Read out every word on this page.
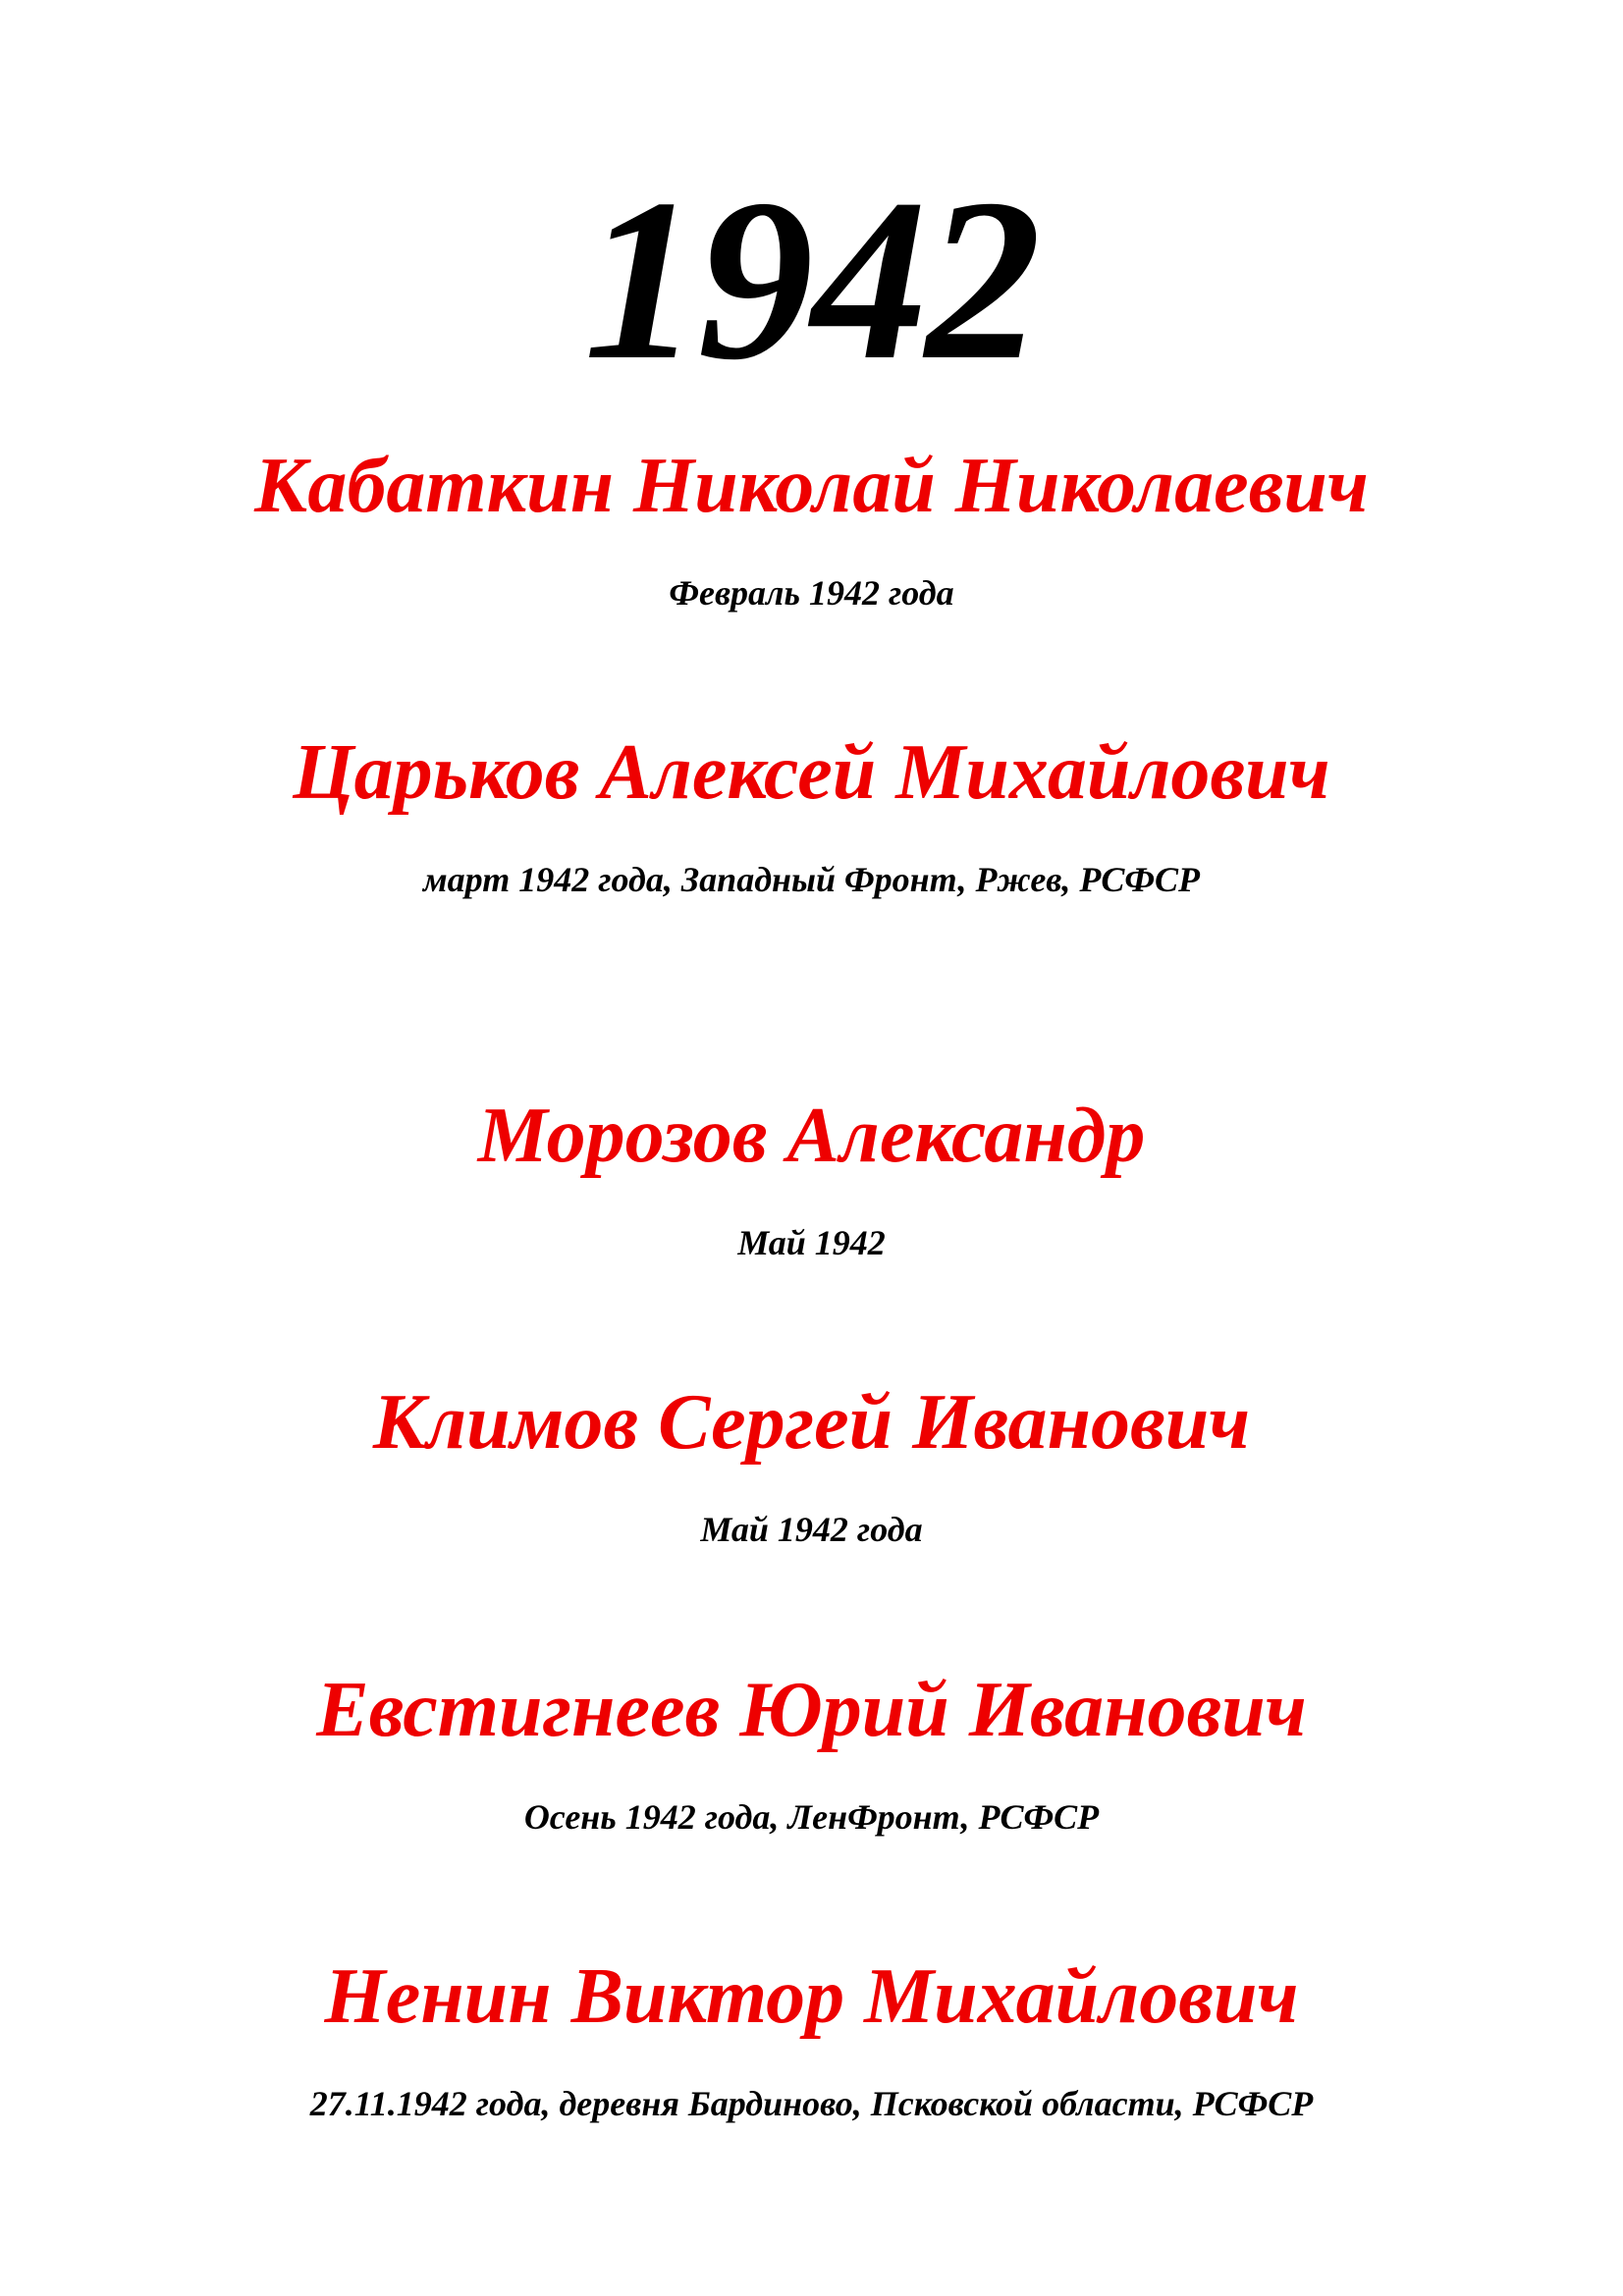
1942
Кабаткин Николай Николаевич
Февраль 1942 года
Царьков Алексей Михайлович
март 1942 года, Западный Фронт, Ржев, РСФСР
Морозов Александр
Май 1942
Климов Сергей Иванович
Май 1942 года
Евстигнеев Юрий Иванович
Осень 1942 года, ЛенФронт, РСФСР
Ненин Виктор Михайлович
27.11.1942 года, деревня Бардиново, Псковской области, РСФСР
